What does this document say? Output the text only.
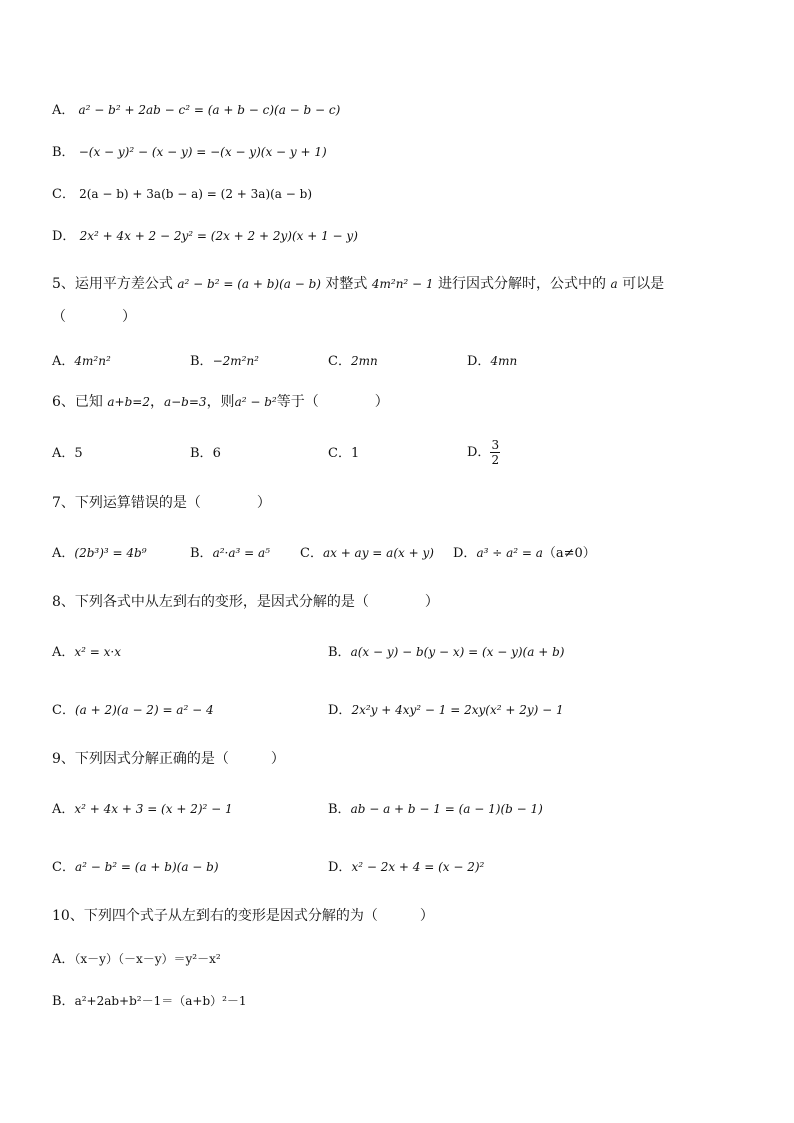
A． a² − b² + 2ab − c² = (a + b − c)(a − b − c)
B． −(x − y)² − (x − y) = −(x − y)(x − y + 1)
C． 2(a − b) + 3a(b − a) = (2 + 3a)(a − b)
D． 2x² + 4x + 2 − 2y² = (2x + 2 + 2y)(x + 1 − y)
5、运用平方差公式 a² − b² = (a + b)(a − b) 对整式 4m²n² − 1 进行因式分解时，公式中的 a 可以是
（　　　　）
A．4m²n²	B．−2m²n²	C．2mn	D．4mn
6、已知 a+b=2，a−b=3，则a² − b²等于（　　　　）
A．5	B．6	C．1	D． $\frac{3}{2}$
7、下列运算错误的是（　　　　）
A．(2b³)³ = 4b⁹	B．a²·a³ = a⁵ C．ax + ay = a(x + y) D．a³ ÷ a² = a（a≠0）
8、下列各式中从左到右的变形，是因式分解的是（　　　　）
A．x² = x·x	B．a(x − y) − b(y − x) = (x − y)(a + b)
C．(a + 2)(a − 2) = a² − 4	D．2x²y + 4xy² − 1 = 2xy(x² + 2y) − 1
9、下列因式分解正确的是（　　　）
A．x² + 4x + 3 = (x + 2)² − 1	B．ab − a + b − 1 = (a − 1)(b − 1)
C．a² − b² = (a + b)(a − b)	D．x² − 2x + 4 = (x − 2)²
10、下列四个式子从左到右的变形是因式分解的为（　　　）
A．（x－y）（－x－y）＝y²－x²
B．a²+2ab+b²－1＝（a+b）²－1
